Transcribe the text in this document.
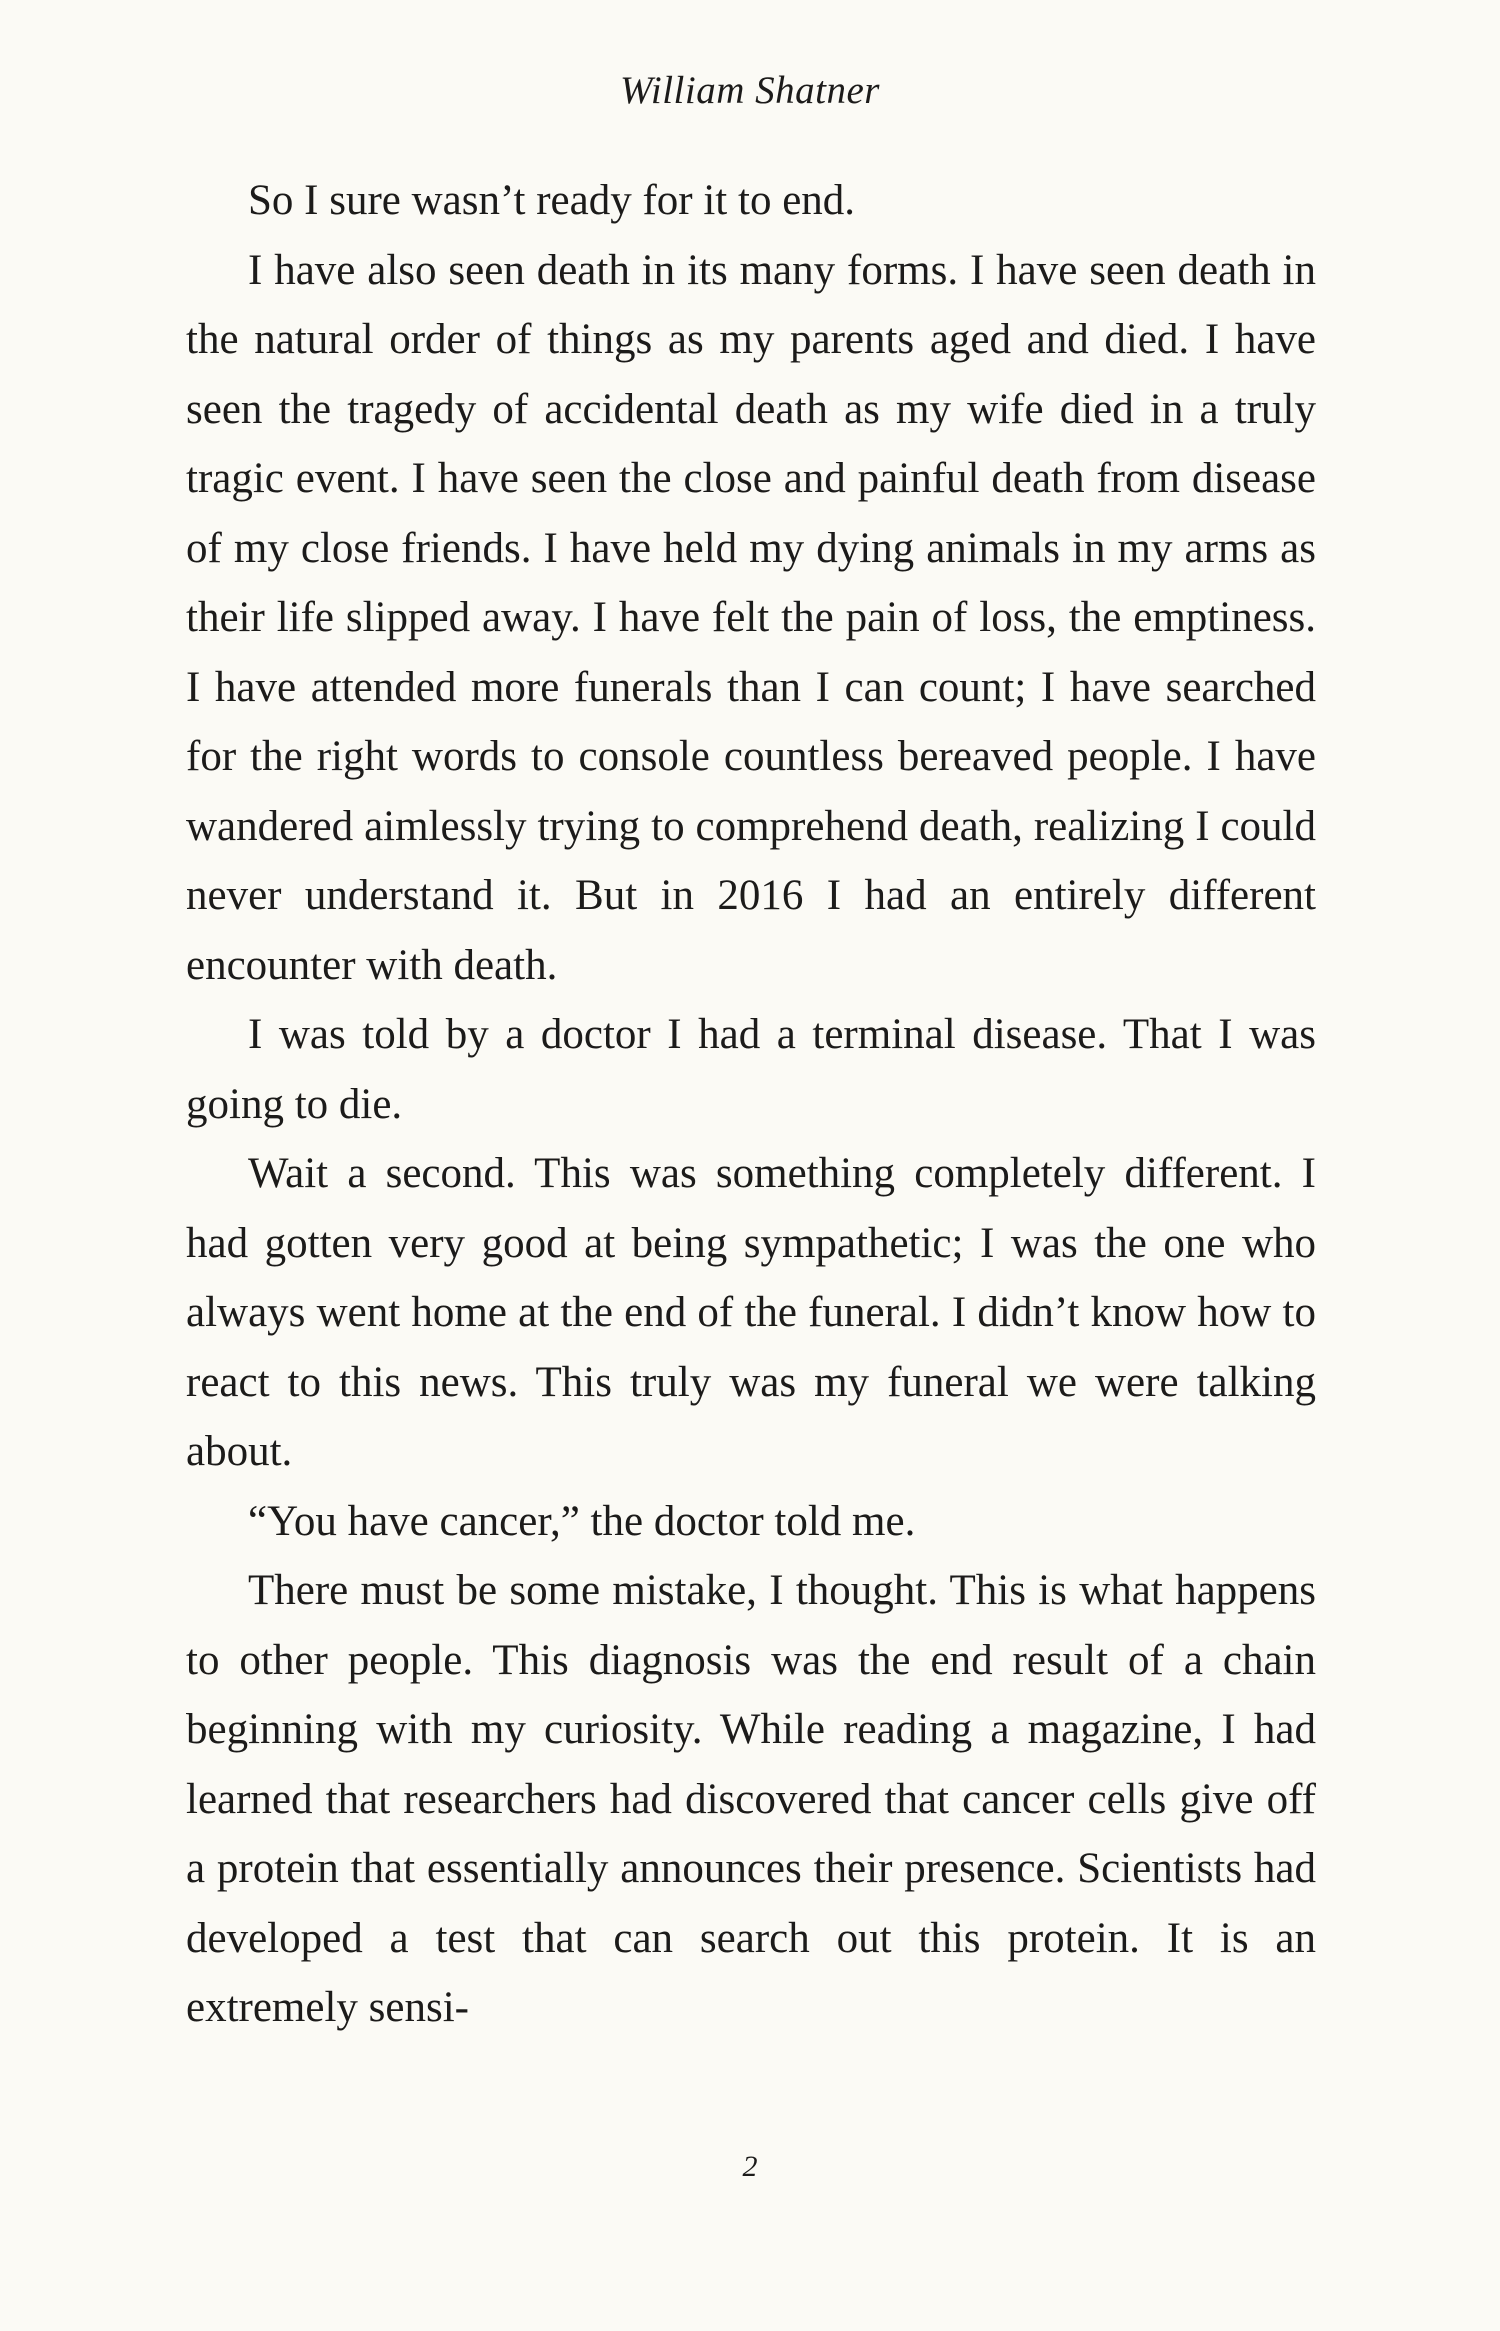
William Shatner

So I sure wasn’t ready for it to end.

I have also seen death in its many forms. I have seen death in the natural order of things as my parents aged and died. I have seen the tragedy of accidental death as my wife died in a truly tragic event. I have seen the close and painful death from disease of my close friends. I have held my dying animals in my arms as their life slipped away. I have felt the pain of loss, the emptiness. I have attended more funerals than I can count; I have searched for the right words to console countless bereaved people. I have wandered aimlessly trying to comprehend death, realizing I could never understand it. But in 2016 I had an entirely different encounter with death.

I was told by a doctor I had a terminal disease. That I was going to die.

Wait a second. This was something completely different. I had gotten very good at being sympathetic; I was the one who always went home at the end of the funeral. I didn’t know how to react to this news. This truly was my funeral we were talking about.

“You have cancer,” the doctor told me.

There must be some mistake, I thought. This is what happens to other people. This diagnosis was the end result of a chain beginning with my curiosity. While reading a magazine, I had learned that researchers had discovered that cancer cells give off a protein that essentially announces their presence. Scientists had developed a test that can search out this protein. It is an extremely sensi-

2
